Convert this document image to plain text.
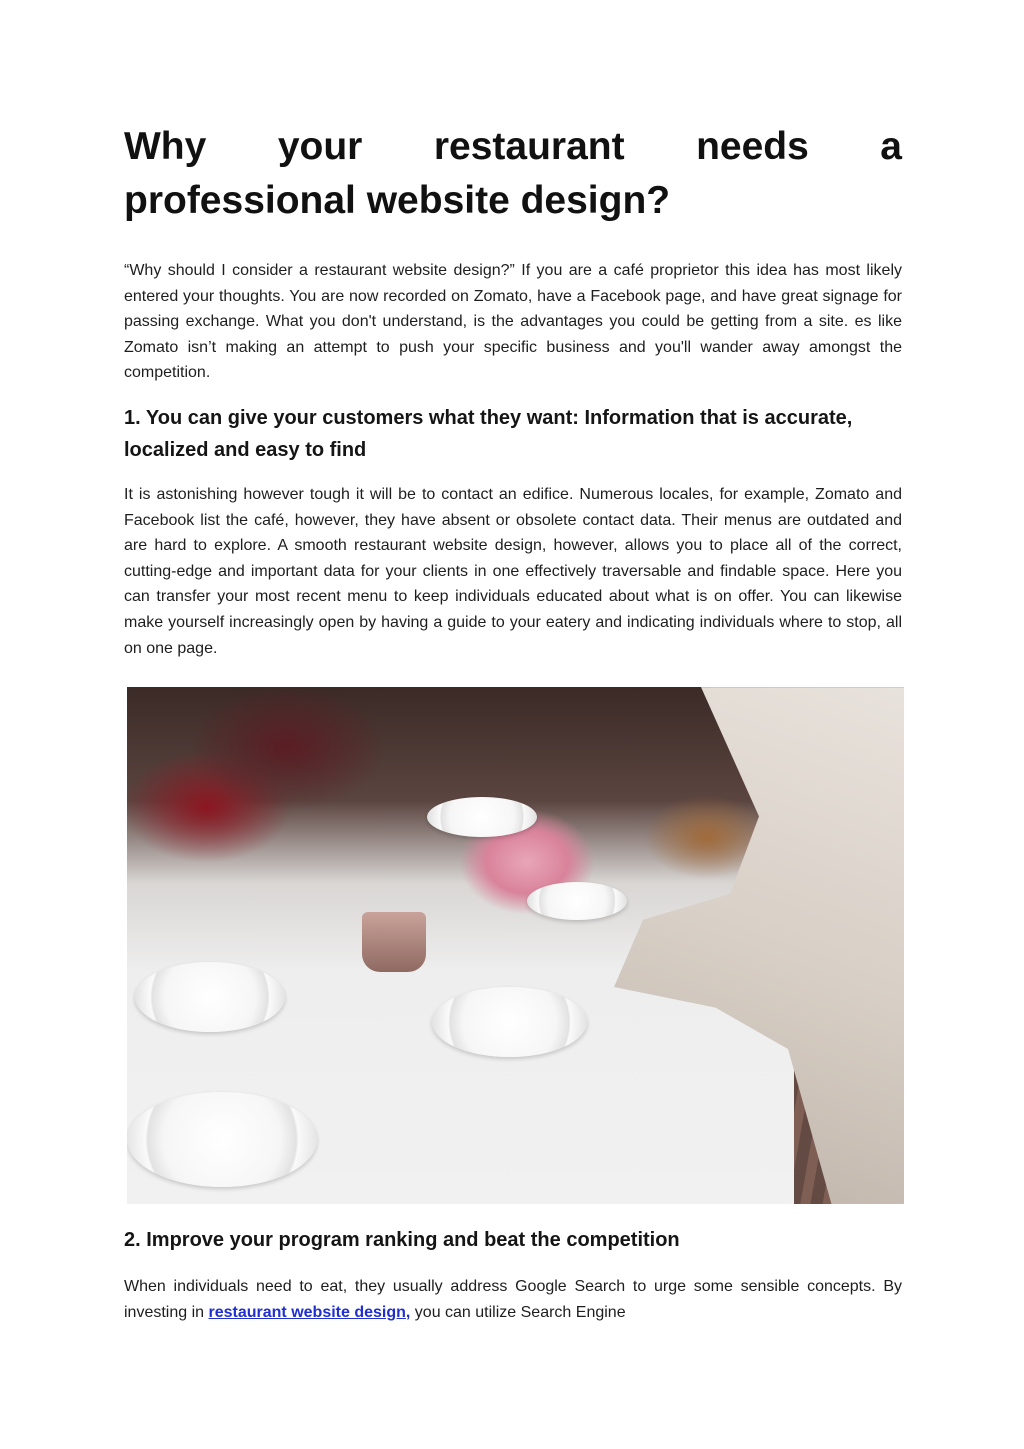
Why your restaurant needs a
professional website design?

“Why should I consider a restaurant website design?” If you are a café proprietor this idea has most likely entered your thoughts. You are now recorded on Zomato, have a Facebook page, and have great signage for passing exchange. What you don't understand, is the advantages you could be getting from a site. es like Zomato isn’t making an attempt to push your specific business and you'll wander away amongst the competition.

1. You can give your customers what they want: Information that is accurate, localized and easy to find

It is astonishing however tough it will be to contact an edifice. Numerous locales, for example, Zomato and Facebook list the café, however, they have absent or obsolete contact data. Their menus are outdated and are hard to explore. A smooth restaurant website design, however, allows you to place all of the correct, cutting-edge and important data for your clients in one effectively traversable and findable space. Here you can transfer your most recent menu to keep individuals educated about what is on offer. You can likewise make yourself increasingly open by having a guide to your eatery and indicating individuals where to stop, all on one page.

2. Improve your program ranking and beat the competition

When individuals need to eat, they usually address Google Search to urge some sensible concepts. By investing in restaurant website design, you can utilize Search Engine
